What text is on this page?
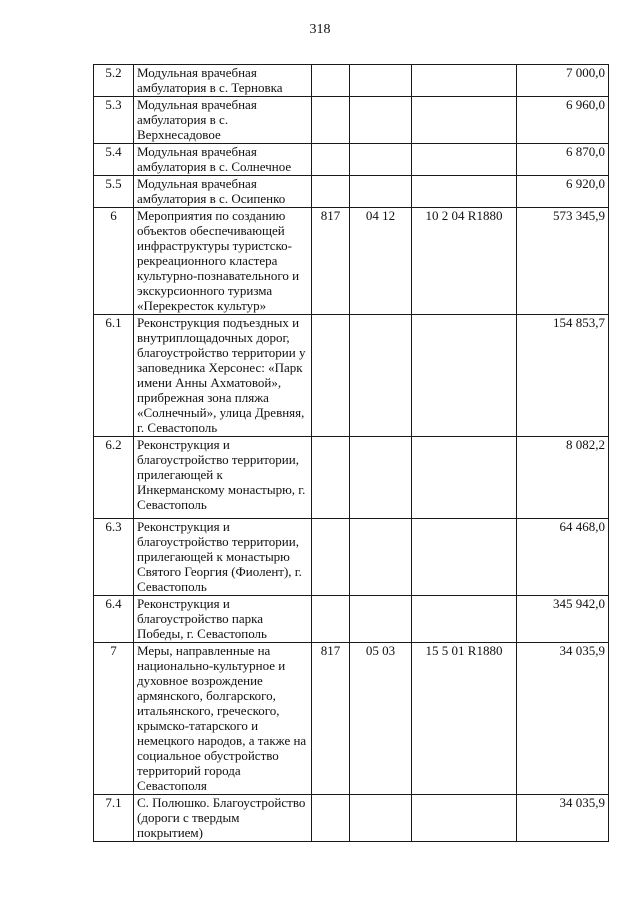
318
5.2	Модульная врачебная амбулатория в с. Терновка				7 000,0
5.3	Модульная врачебная амбулатория в с. Верхнесадовое				6 960,0
5.4	Модульная врачебная амбулатория в с. Солнечное				6 870,0
5.5	Модульная врачебная амбулатория в с. Осипенко				6 920,0
6	Мероприятия по созданию объектов обеспечивающей инфраструктуры туристско-рекреационного кластера культурно-познавательного и экскурсионного туризма «Перекресток культур»	817	04 12	10 2 04 R1880	573 345,9
6.1	Реконструкция подъездных и внутриплощадочных дорог, благоустройство территории у заповедника Херсонес: «Парк имени Анны Ахматовой», прибрежная зона пляжа «Солнечный», улица Древняя, г. Севастополь				154 853,7
6.2	Реконструкция и благоустройство территории, прилегающей к Инкерманскому монастырю, г. Севастополь				8 082,2
6.3	Реконструкция и благоустройство территории, прилегающей к монастырю Святого Георгия (Фиолент), г. Севастополь				64 468,0
6.4	Реконструкция и благоустройство парка Победы, г. Севастополь				345 942,0
7	Меры, направленные на национально-культурное и духовное возрождение армянского, болгарского, итальянского, греческого, крымско-татарского и немецкого народов, а также на социальное обустройство территорий города Севастополя	817	05 03	15 5 01 R1880	34 035,9
7.1	С. Полюшко. Благоустройство (дороги с твердым покрытием)				34 035,9
